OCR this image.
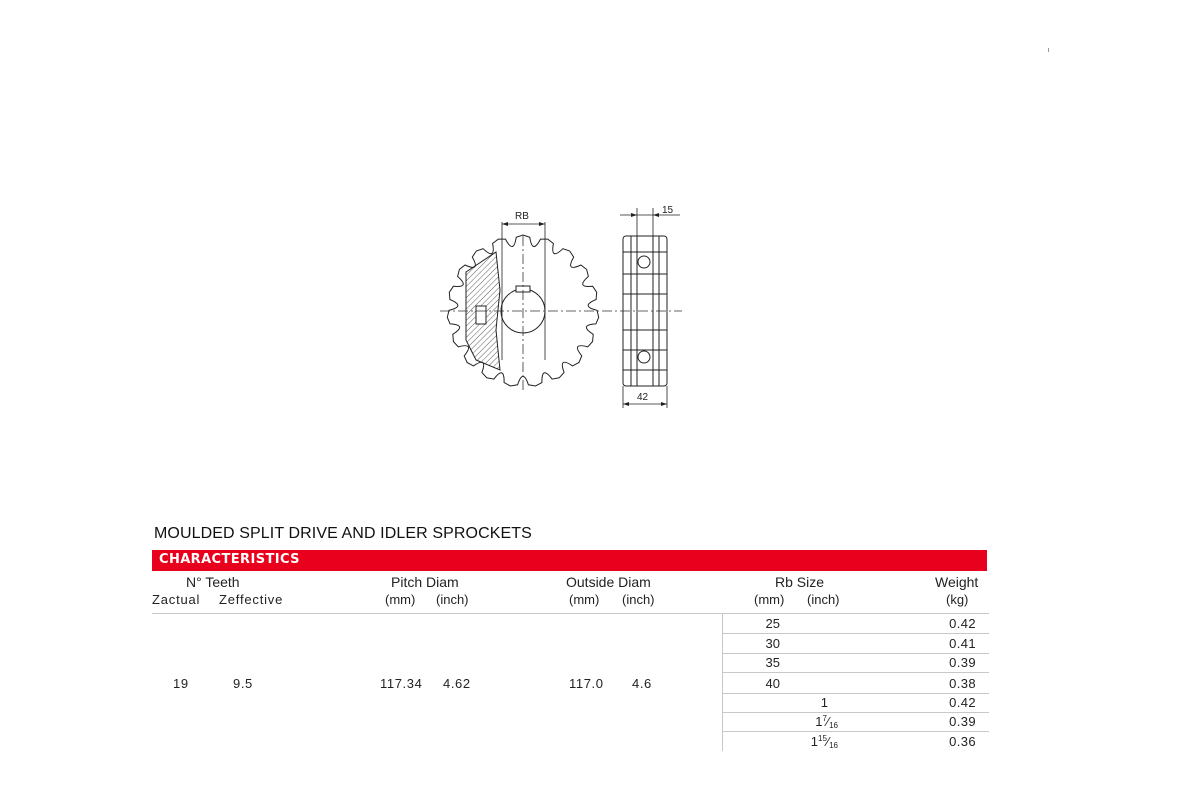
RB
15
42
MOULDED SPLIT DRIVE AND IDLER SPROCKETS
CHARACTERISTICS
N° Teeth
Zactual Zeffective
Pitch Diam
(mm) (inch)
Outside Diam
(mm) (inch)
Rb Size
(mm) (inch)
Weight
(kg)
19	9.5	117.34 4.62	117.0 4.6
25	0.42
30	0.41
35	0.39
40	0.38
1	0.42
$1^7⁄_{16}$	0.39
$1^{15}⁄_{16}$	0.36
